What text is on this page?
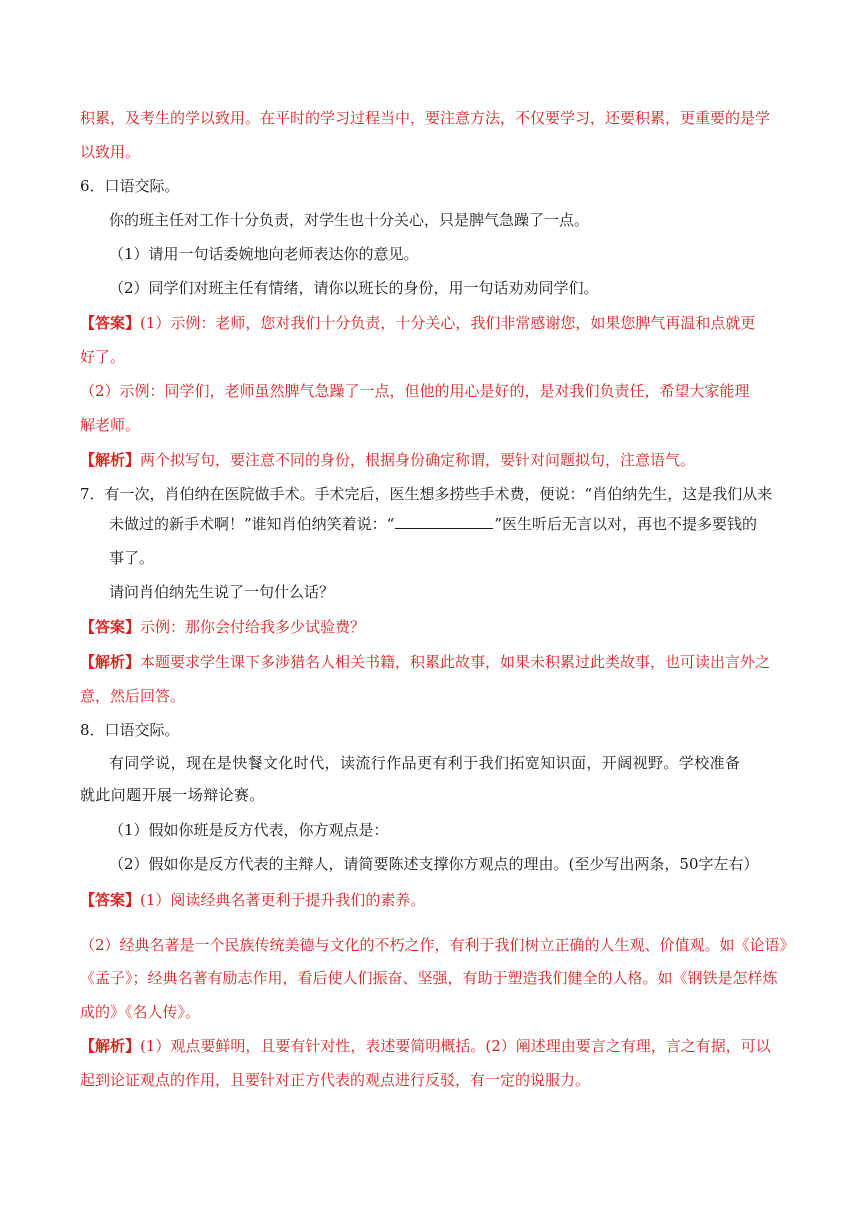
积累，及考生的学以致用。在平时的学习过程当中，要注意方法，不仅要学习，还要积累，更重要的是学
以致用。
6．口语交际。
你的班主任对工作十分负责，对学生也十分关心，只是脾气急躁了一点。
（1）请用一句话委婉地向老师表达你的意见。
（2）同学们对班主任有情绪，请你以班长的身份，用一句话劝劝同学们。
【答案】(1）示例：老师，您对我们十分负责，十分关心，我们非常感谢您，如果您脾气再温和点就更
好了。
（2）示例：同学们，老师虽然脾气急躁了一点，但他的用心是好的，是对我们负责任，希望大家能理
解老师。
【解析】两个拟写句，要注意不同的身份，根据身份确定称谓，要针对问题拟句，注意语气。
7．有一次，肖伯纳在医院做手术。手术完后，医生想多捞些手术费，便说：“肖伯纳先生，这是我们从来
未做过的新手术啊！”谁知肖伯纳笑着说：“	”医生听后无言以对，再也不提多要钱的
事了。
请问肖伯纳先生说了一句什么话？
【答案】示例：那你会付给我多少试验费？
【解析】本题要求学生课下多涉猎名人相关书籍，积累此故事，如果未积累过此类故事，也可读出言外之
意，然后回答。
8．口语交际。
有同学说，现在是快餐文化时代，读流行作品更有利于我们拓宽知识面，开阔视野。学校准备
就此问题开展一场辩论赛。
（1）假如你班是反方代表，你方观点是：
（2）假如你是反方代表的主辩人，请简要陈述支撑你方观点的理由。(至少写出两条，50字左右）
【答案】(1）阅读经典名著更利于提升我们的素养。
（2）经典名著是一个民族传统美德与文化的不朽之作，有利于我们树立正确的人生观、价值观。如《论语》
《孟子》；经典名著有励志作用，看后使人们振奋、坚强，有助于塑造我们健全的人格。如《钢铁是怎样炼
成的》《名人传》。
【解析】(1）观点要鲜明，且要有针对性，表述要简明概括。(2）阐述理由要言之有理，言之有据，可以
起到论证观点的作用，且要针对正方代表的观点进行反驳，有一定的说服力。
